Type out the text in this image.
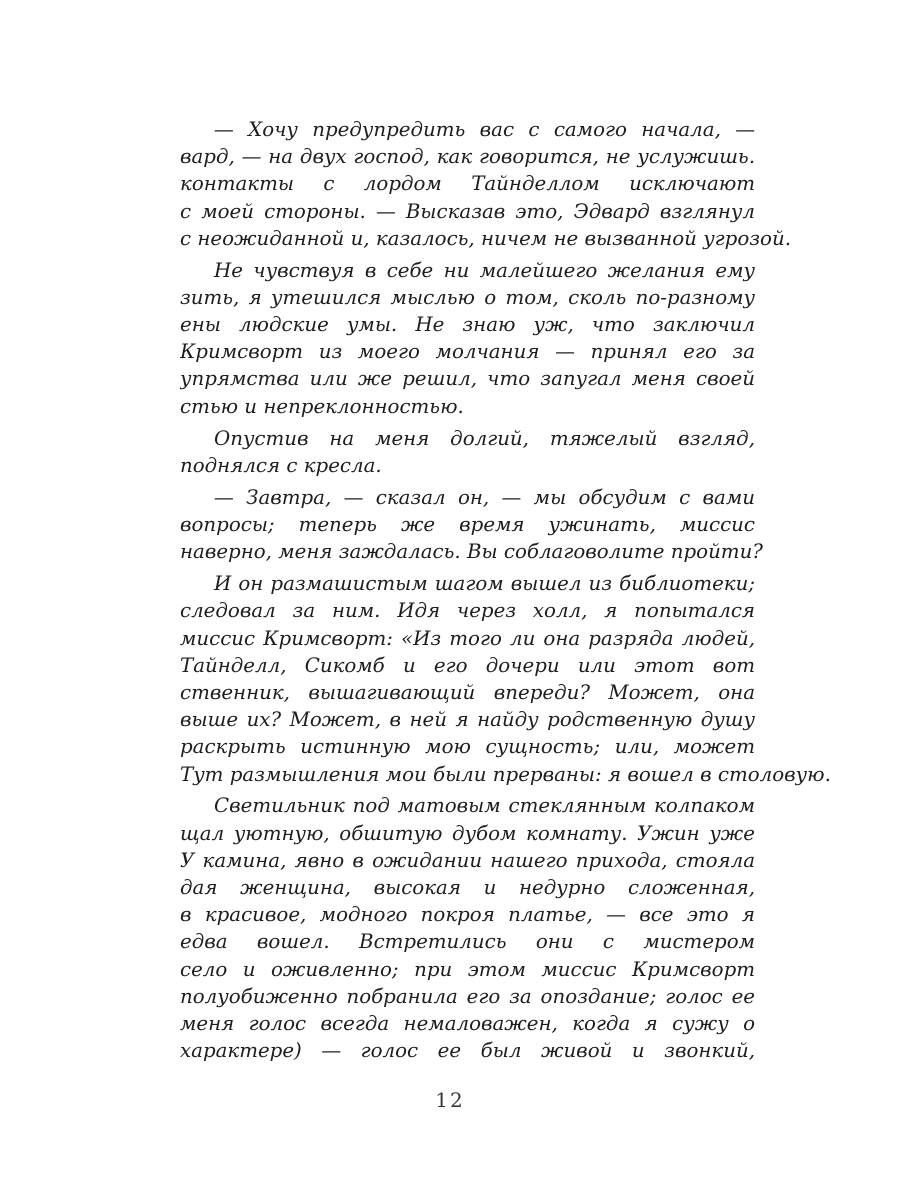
— Хочу предупредить вас с самого начала, —
вард, — на двух господ, как говорится, не услужишь.
контакты с лордом Тайнделлом исключают
с моей стороны. — Высказав это, Эдвард взглянул
с неожиданной и, казалось, ничем не вызванной угрозой.
Не чувствуя в себе ни малейшего желания ему
зить, я утешился мыслью о том, сколь по-разному
ены людские умы. Не знаю уж, что заключил
Кримсворт из моего молчания — принял его за
упрямства или же решил, что запугал меня своей
стью и непреклонностью.
Опустив на меня долгий, тяжелый взгляд,
поднялся с кресла.
— Завтра, — сказал он, — мы обсудим с вами
вопросы; теперь же время ужинать, миссис
наверно, меня заждалась. Вы соблаговолите пройти?
И он размашистым шагом вышел из библиотеки;
следовал за ним. Идя через холл, я попытался
миссис Кримсворт: «Из того ли она разряда людей,
Тайнделл, Сикомб и его дочери или этот вот
ственник, вышагивающий впереди? Может, она
выше их? Может, в ней я найду родственную душу
раскрыть истинную мою сущность; или, может
Тут размышления мои были прерваны: я вошел в столовую.
Светильник под матовым стеклянным колпаком
щал уютную, обшитую дубом комнату. Ужин уже
У камина, явно в ожидании нашего прихода, стояла
дая женщина, высокая и недурно сложенная,
в красивое, модного покроя платье, — все это я
едва вошел. Встретились они с мистером
село и оживленно; при этом миссис Кримсворт
полуобиженно побранила его за опоздание; голос ее
меня голос всегда немаловажен, когда я сужу о
характере) — голос ее был живой и звонкий,
12
